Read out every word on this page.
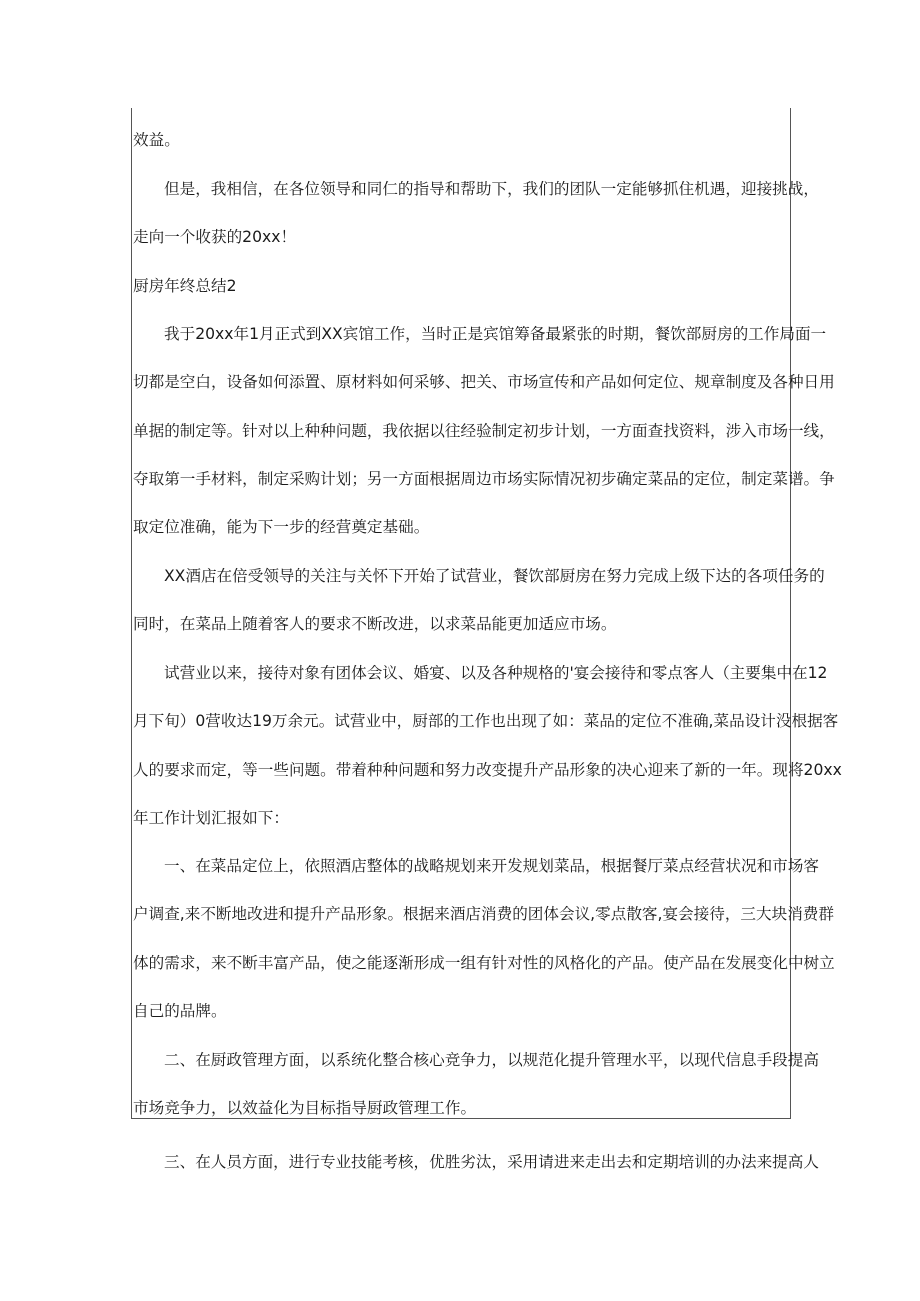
效益。

但是，我相信，在各位领导和同仁的指导和帮助下，我们的团队一定能够抓住机遇，迎接挑战，
走向一个收获的20xx！

厨房年终总结2

我于20xx年1月正式到XX宾馆工作，当时正是宾馆筹备最紧张的时期，餐饮部厨房的工作局面一
切都是空白，设备如何添置、原材料如何采够、把关、市场宣传和产品如何定位、规章制度及各种日用
单据的制定等。针对以上种种问题，我依据以往经验制定初步计划，一方面查找资料，涉入市场一线，
夺取第一手材料，制定采购计划；另一方面根据周边市场实际情况初步确定菜品的定位，制定菜谱。争
取定位准确，能为下一步的经营奠定基础。

XX酒店在倍受领导的关注与关怀下开始了试营业，餐饮部厨房在努力完成上级下达的各项任务的
同时，在菜品上随着客人的要求不断改进，以求菜品能更加适应市场。

试营业以来，接待对象有团体会议、婚宴、以及各种规格的'宴会接待和零点客人（主要集中在12
月下旬）0营收达19万余元。试营业中，厨部的工作也出现了如：菜品的定位不准确,菜品设计没根据客
人的要求而定，等一些问题。带着种种问题和努力改变提升产品形象的决心迎来了新的一年。现将20xx
年工作计划汇报如下：

一、在菜品定位上，依照酒店整体的战略规划来开发规划菜品，根据餐厅菜点经营状况和市场客
户调查,来不断地改进和提升产品形象。根据来酒店消费的团体会议,零点散客,宴会接待，三大块消费群
体的需求，来不断丰富产品，使之能逐渐形成一组有针对性的风格化的产品。使产品在发展变化中树立
自己的品牌。

二、在厨政管理方面，以系统化整合核心竞争力，以规范化提升管理水平，以现代信息手段提高
市场竞争力，以效益化为目标指导厨政管理工作。

三、在人员方面，进行专业技能考核，优胜劣汰，采用请进来走出去和定期培训的办法来提高人
